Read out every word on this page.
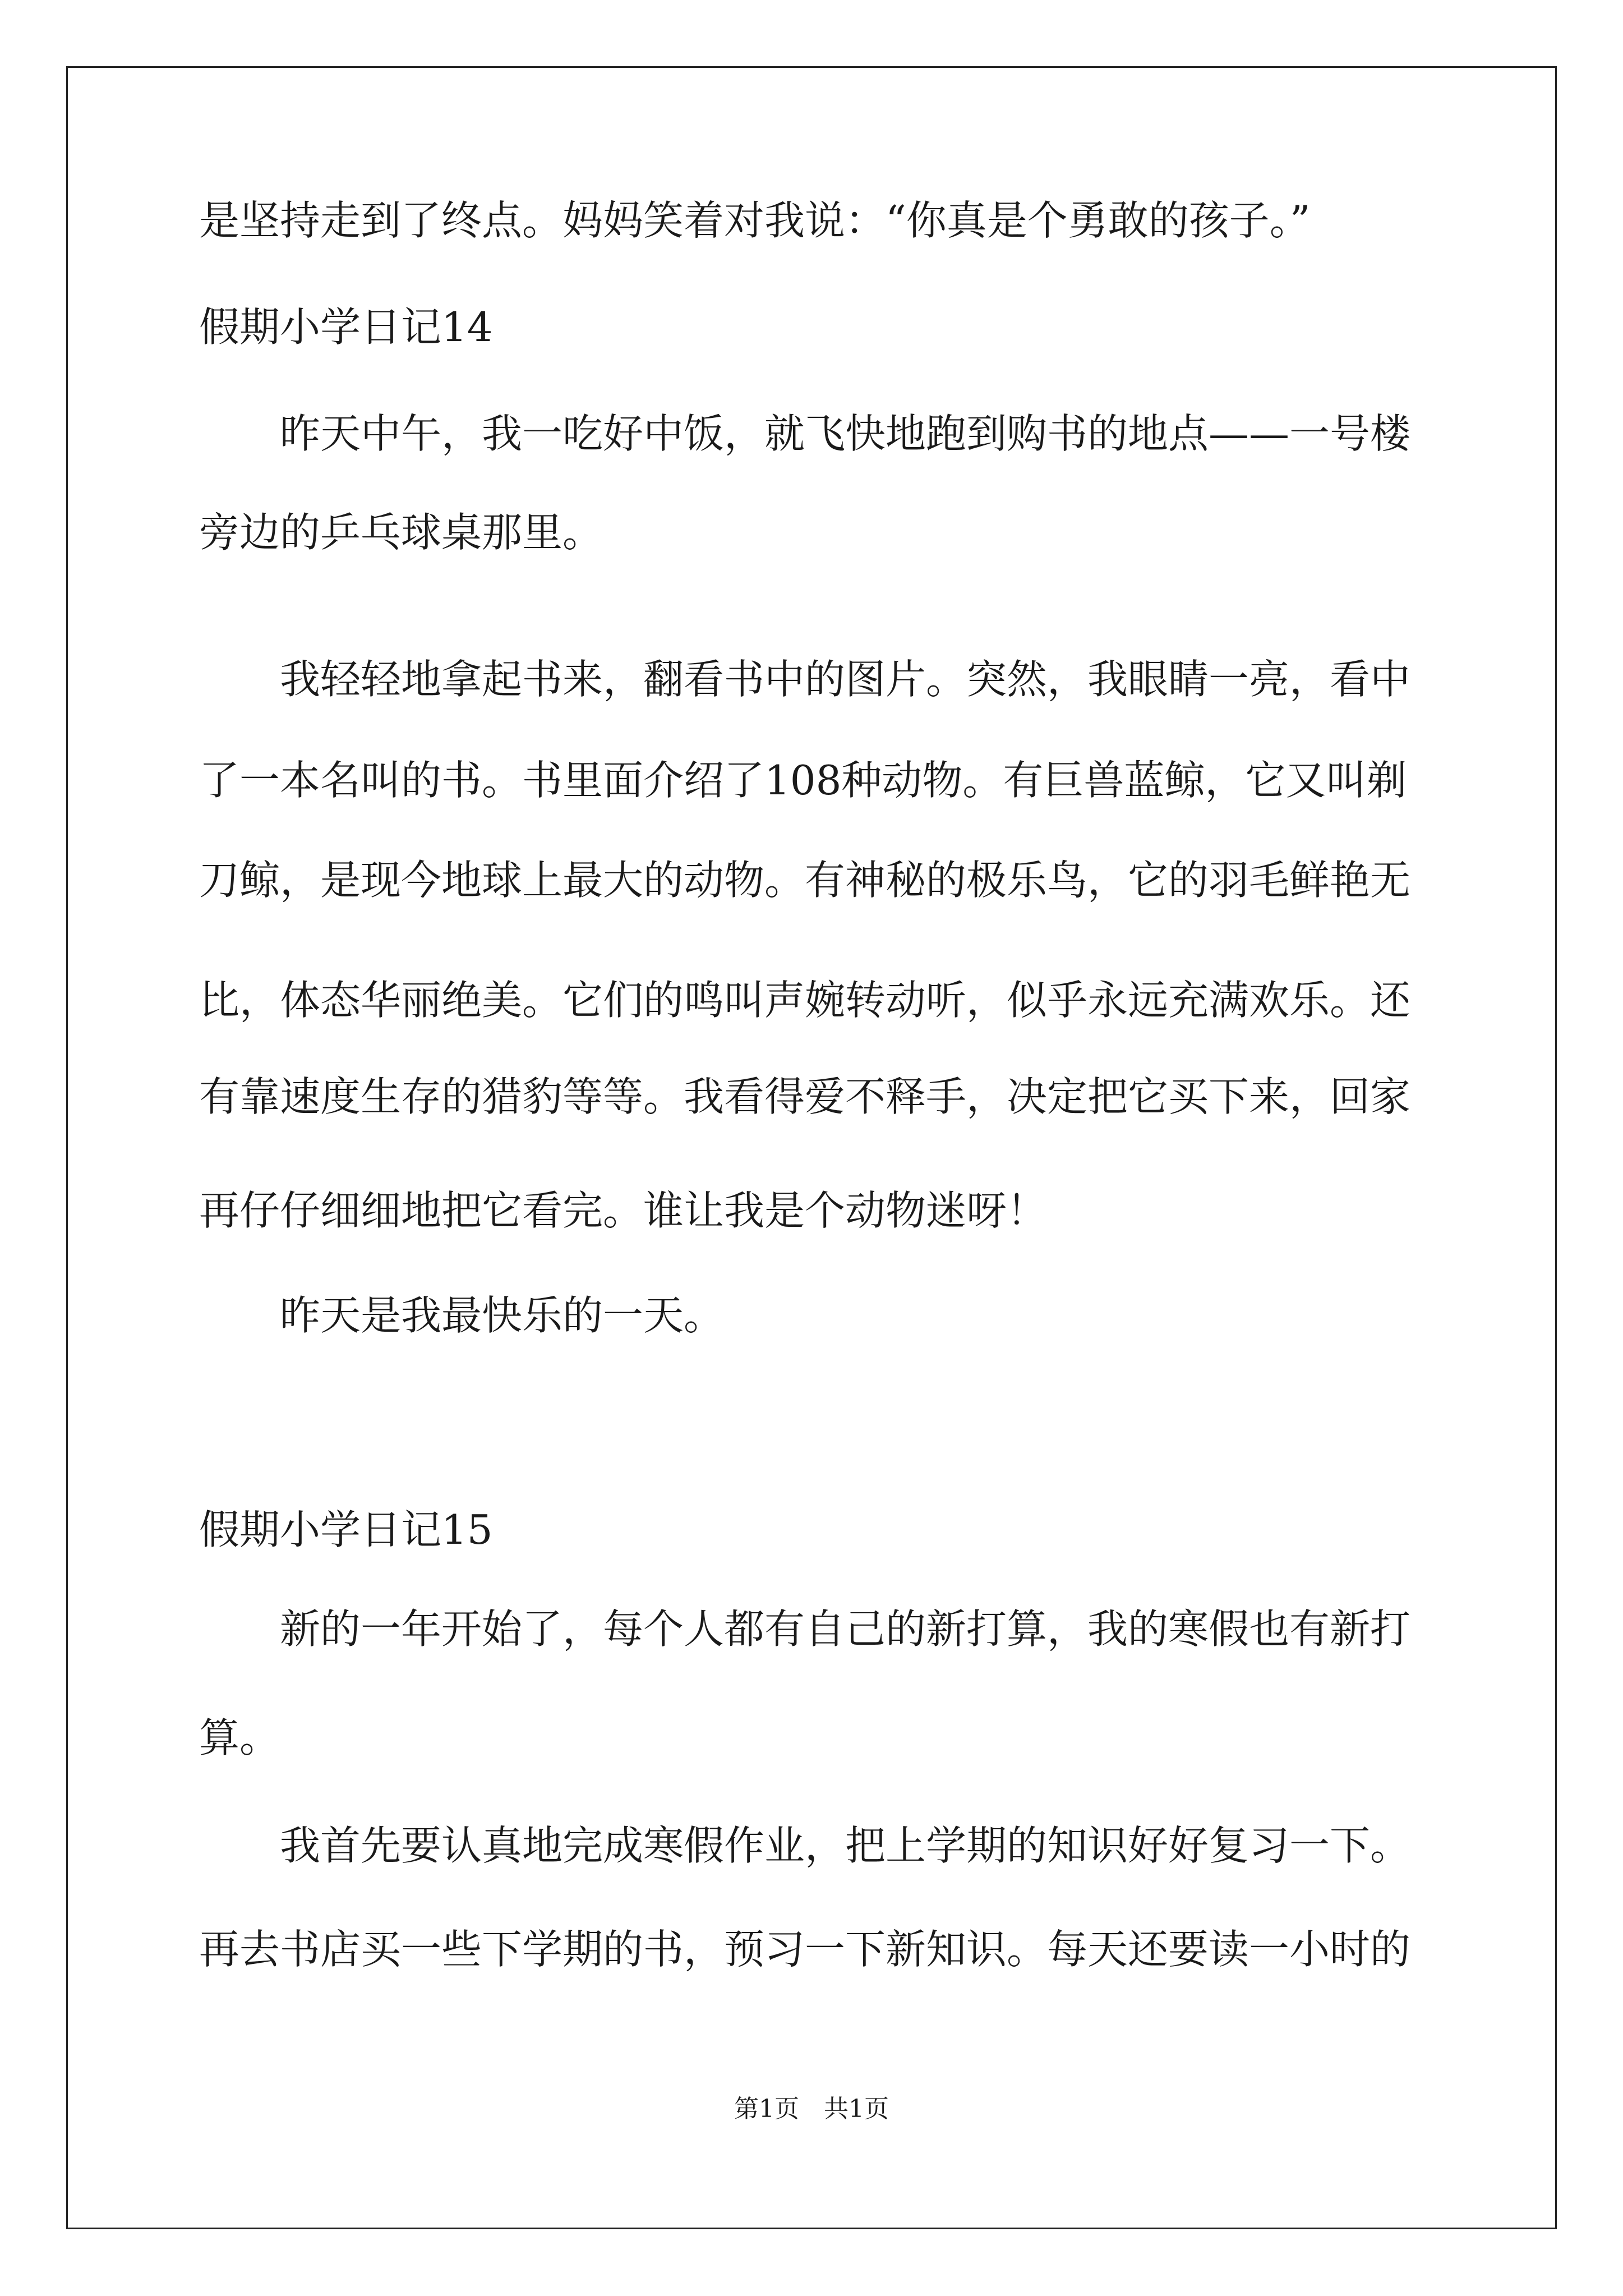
是坚持走到了终点。妈妈笑着对我说：“你真是个勇敢的孩子。”
假期小学日记14
　　昨天中午，我一吃好中饭，就飞快地跑到购书的地点——一号楼
旁边的乒乓球桌那里。
　　我轻轻地拿起书来，翻看书中的图片。突然，我眼睛一亮，看中
了一本名叫的书。书里面介绍了108种动物。有巨兽蓝鲸，它又叫剃
刀鲸，是现今地球上最大的动物。有神秘的极乐鸟，它的羽毛鲜艳无
比，体态华丽绝美。它们的鸣叫声婉转动听，似乎永远充满欢乐。还
有靠速度生存的猎豹等等。我看得爱不释手，决定把它买下来，回家
再仔仔细细地把它看完。谁让我是个动物迷呀！
　　昨天是我最快乐的一天。
假期小学日记15
　　新的一年开始了，每个人都有自己的新打算，我的寒假也有新打
算。
　　我首先要认真地完成寒假作业，把上学期的知识好好复习一下。
再去书店买一些下学期的书，预习一下新知识。每天还要读一小时的
第1页 共1页
